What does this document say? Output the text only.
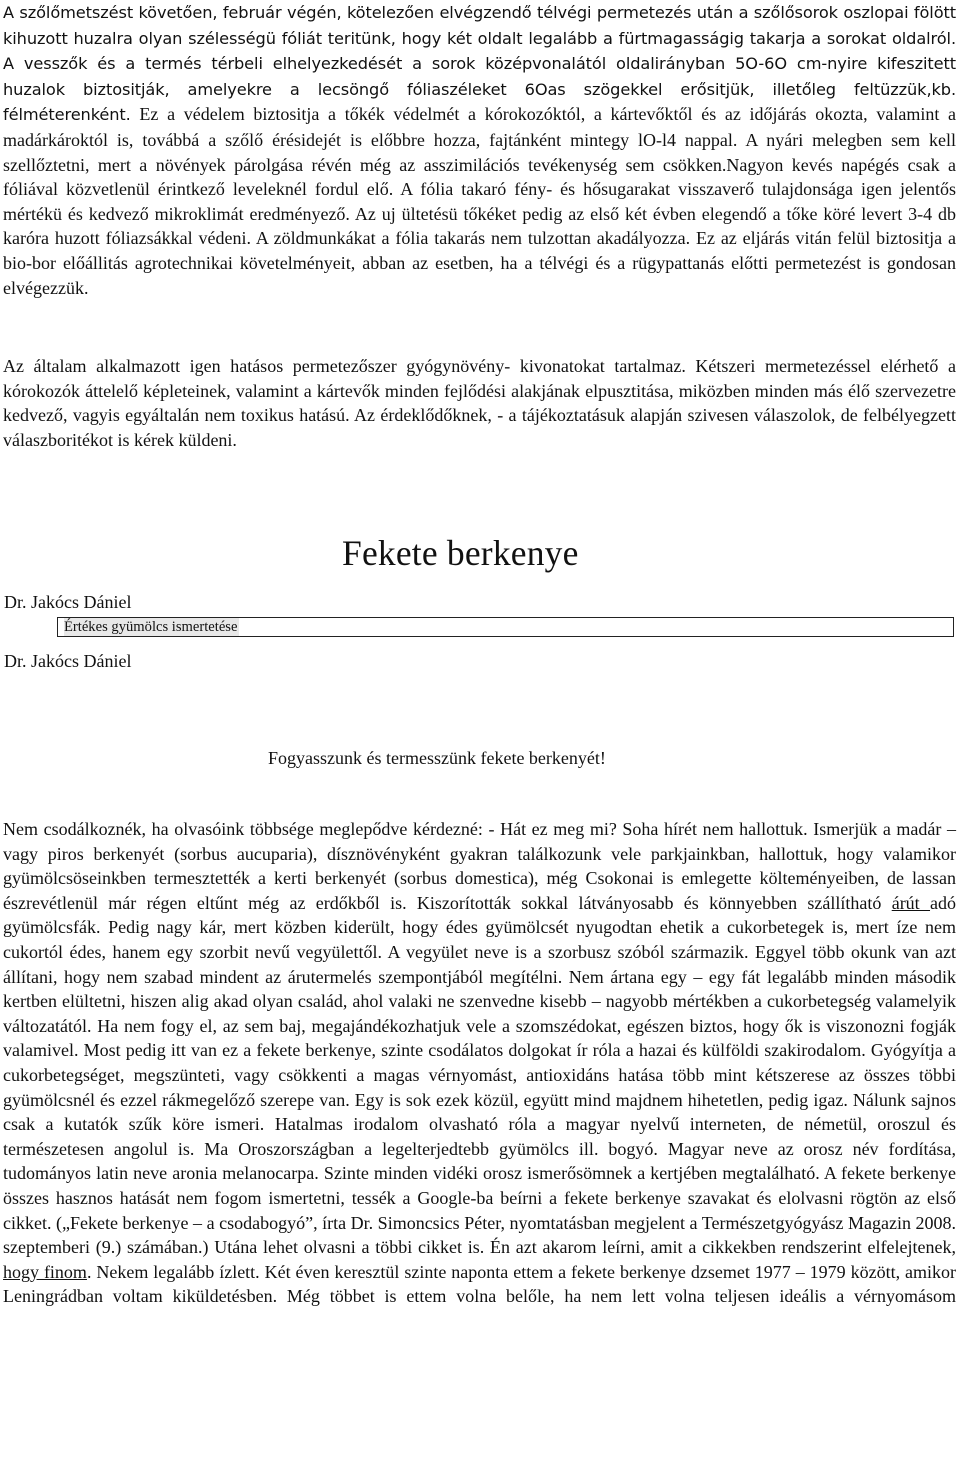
A szőlőmetszést követően, február végén, kötelezően elvégzendő télvégi permetezés után a szőlősorok oszlopai fölött kihuzott huzalra olyan szélességü fóliát teritünk, hogy két oldalt legalább a fürtmagasságig takarja a sorokat oldalról. A vesszők és a termés térbeli elhelyezkedését a sorok középvonalától oldalirányban 5O-6O cm-nyire kifeszitett huzalok biztositják, amelyekre a lecsöngő fóliaszéleket 6Oas szögekkel erősitjük, illetőleg feltüzzük,kb. félméterenként. Ez a védelem biztositja a tőkék védelmét a kórokozóktól, a kártevőktől és az időjárás okozta, valamint a madárkároktól is, továbbá a szőlő érésidejét is előbbre hozza, fajtánként mintegy lO-l4 nappal. A nyári melegben sem kell szellőztetni, mert a növények párolgása révén még az asszimilációs tevékenység sem csökken.Nagyon kevés napégés csak a fóliával közvetlenül érintkező leveleknél fordul elő. A fólia takaró fény- és hősugarakat visszaverő tulajdonsága igen jelentős mértékü és kedvező mikroklimát eredményező. Az uj ültetésü tőkéket pedig az első két évben elegendő a tőke köré levert 3-4 db karóra huzott fóliazsákkal védeni. A zöldmunkákat a fólia takarás nem tulzottan akadályozza. Ez az eljárás vitán felül biztositja a bio-bor előállitás agrotechnikai követelményeit, abban az esetben, ha a télvégi és a rügypattanás előtti permetezést is gondosan elvégezzük.

Az általam alkalmazott igen hatásos permetezőszer gyógynövény- kivonatokat tartalmaz. Kétszeri mermetezéssel elérhető a kórokozók áttelelő képleteinek, valamint a kártevők minden fejlődési alakjának elpusztitása, miközben minden más élő szervezetre kedvező, vagyis egyáltalán nem toxikus hatású. Az érdeklődőknek, - a tájékoztatásuk alapján szivesen válaszolok, de felbélyegzett válaszboritékot is kérek küldeni.

Fekete berkenye
Dr. Jakócs Dániel
Értékes gyümölcs ismertetése
Dr. Jakócs Dániel
Fogyasszunk és termesszünk fekete berkenyét!

Nem csodálkoznék, ha olvasóink többsége meglepődve kérdezné: - Hát ez meg mi? Soha hírét nem hallottuk. Ismerjük a madár – vagy piros berkenyét (sorbus aucuparia), dísznövényként gyakran találkozunk vele parkjainkban, hallottuk, hogy valamikor gyümölcsöseinkben termesztették a kerti berkenyét (sorbus domestica), még Csokonai is emlegette költeményeiben, de lassan észrevétlenül már régen eltűnt még az erdőkből is. Kiszorították sokkal látványosabb és könnyebben szállítható árút adó gyümölcsfák. Pedig nagy kár, mert közben kiderült, hogy édes gyümölcsét nyugodtan ehetik a cukorbetegek is, mert íze nem cukortól édes, hanem egy szorbit nevű vegyülettől. A vegyület neve is a szorbusz szóból származik. Eggyel több okunk van azt állítani, hogy nem szabad mindent az árutermelés szempontjából megítélni. Nem ártana egy – egy fát legalább minden második kertben elültetni, hiszen alig akad olyan család, ahol valaki ne szenvedne kisebb – nagyobb mértékben a cukorbetegség valamelyik változatától. Ha nem fogy el, az sem baj, megajándékozhatjuk vele a szomszédokat, egészen biztos, hogy ők is viszonozni fogják valamivel. Most pedig itt van ez a fekete berkenye, szinte csodálatos dolgokat ír róla a hazai és külföldi szakirodalom. Gyógyítja a cukorbetegséget, megszünteti, vagy csökkenti a magas vérnyomást, antioxidáns hatása több mint kétszerese az összes többi gyümölcsnél és ezzel rákmegelőző szerepe van. Egy is sok ezek közül, együtt mind majdnem hihetetlen, pedig igaz. Nálunk sajnos csak a kutatók szűk köre ismeri. Hatalmas irodalom olvasható róla a magyar nyelvű interneten, de németül, oroszul és természetesen angolul is. Ma Oroszországban a legelterjedtebb gyümölcs ill. bogyó. Magyar neve az orosz név fordítása, tudományos latin neve aronia melanocarpa. Szinte minden vidéki orosz ismerősömnek a kertjében megtalálható. A fekete berkenye összes hasznos hatását nem fogom ismertetni, tessék a Google-ba beírni a fekete berkenye szavakat és elolvasni rögtön az első cikket. („Fekete berkenye – a csodabogyó”, írta Dr. Simoncsics Péter, nyomtatásban megjelent a Természetgyógyász Magazin 2008. szeptemberi (9.) számában.) Utána lehet olvasni a többi cikket is. Én azt akarom leírni, amit a cikkekben rendszerint elfelejtenek, hogy finom. Nekem legalább ízlett. Két éven keresztül szinte naponta ettem a fekete berkenye dzsemet 1977 – 1979 között, amikor Leningrádban voltam kiküldetésben. Még többet is ettem volna belőle, ha nem lett volna teljesen ideális a vérnyomásom
